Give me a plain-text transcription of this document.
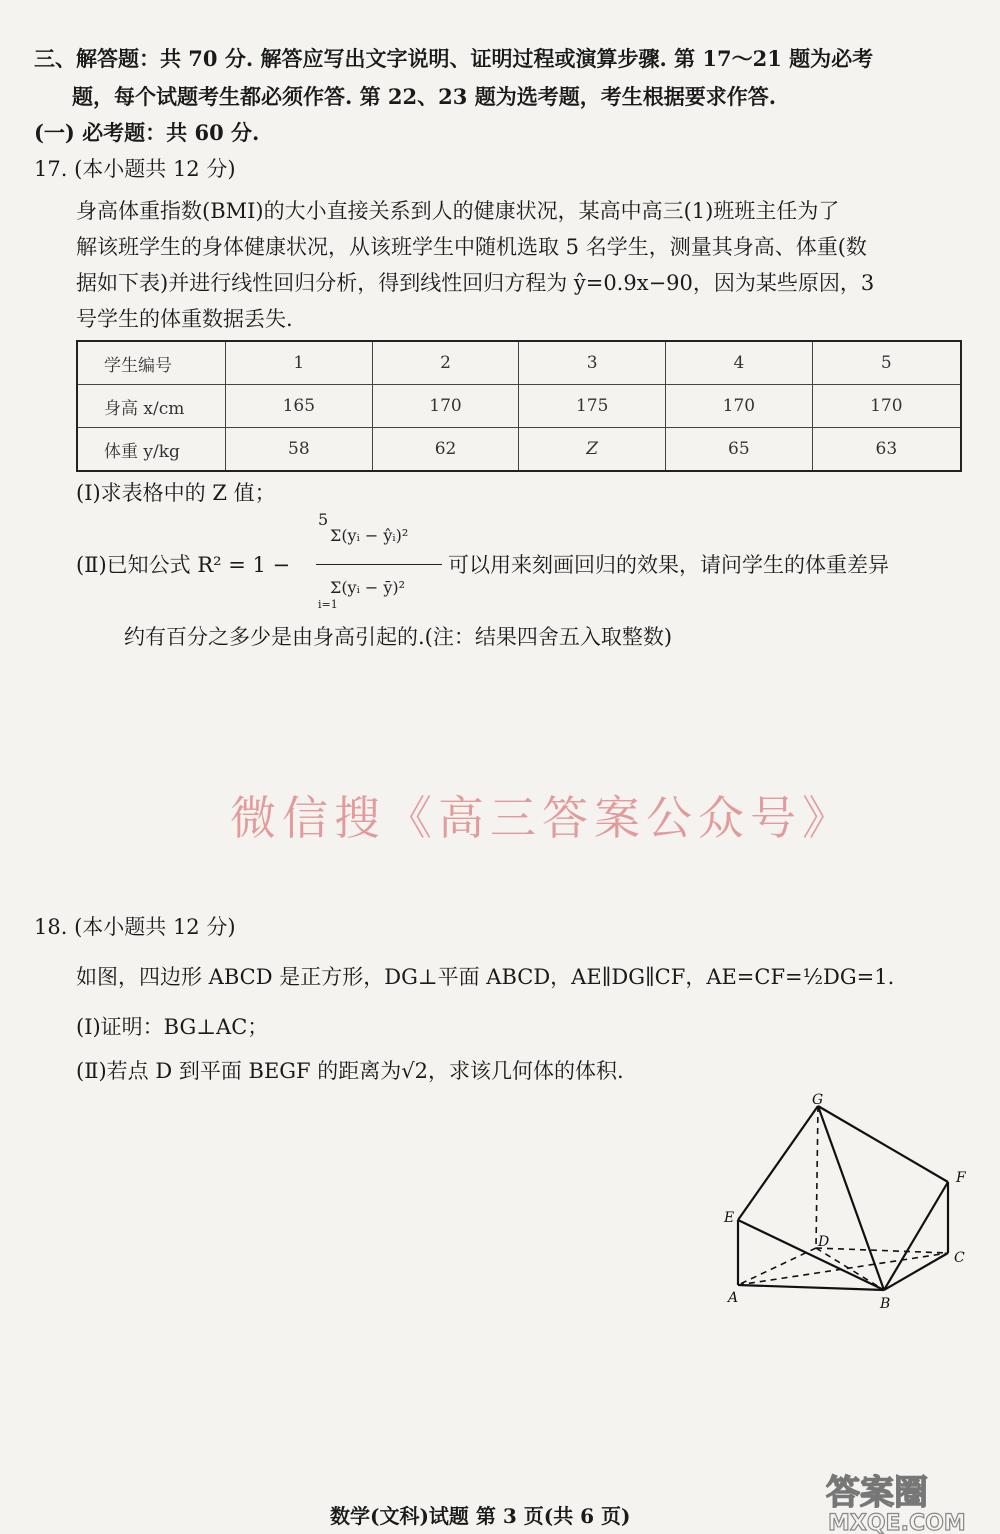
三、解答题：共 70 分. 解答应写出文字说明、证明过程或演算步骤. 第 17～21 题为必考
题，每个试题考生都必须作答. 第 22、23 题为选考题，考生根据要求作答.
(一) 必考题：共 60 分.
17. (本小题共 12 分)
身高体重指数(BMI)的大小直接关系到人的健康状况，某高中高三(1)班班主任为了
解该班学生的身体健康状况，从该班学生中随机选取 5 名学生，测量其身高、体重(数
据如下表)并进行线性回归分析，得到线性回归方程为 ŷ=0.9x−90，因为某些原因，3
号学生的体重数据丢失.
学生编号	1	2	3	4	5
身高 x/cm	165	170	175	170	170
体重 y/kg	58	62	Z	65	63
(Ⅰ)求表格中的 Z 值；
(Ⅱ)已知公式 R² = 1 −
5
Σ(yᵢ − ŷᵢ)²
Σ(yᵢ − ȳ)²
i=1
可以用来刻画回归的效果，请问学生的体重差异
约有百分之多少是由身高引起的.(注：结果四舍五入取整数)
微信搜《高三答案公众号》
18. (本小题共 12 分)
如图，四边形 ABCD 是正方形，DG⊥平面 ABCD，AE∥DG∥CF，AE=CF=½DG=1.
(Ⅰ)证明：BG⊥AC；
(Ⅱ)若点 D 到平面 BEGF 的距离为√2，求该几何体的体积.
G
F
E
D
C
A	B
数学(文科)试题 第 3 页(共 6 页)
答案圈
MXQE.COM
